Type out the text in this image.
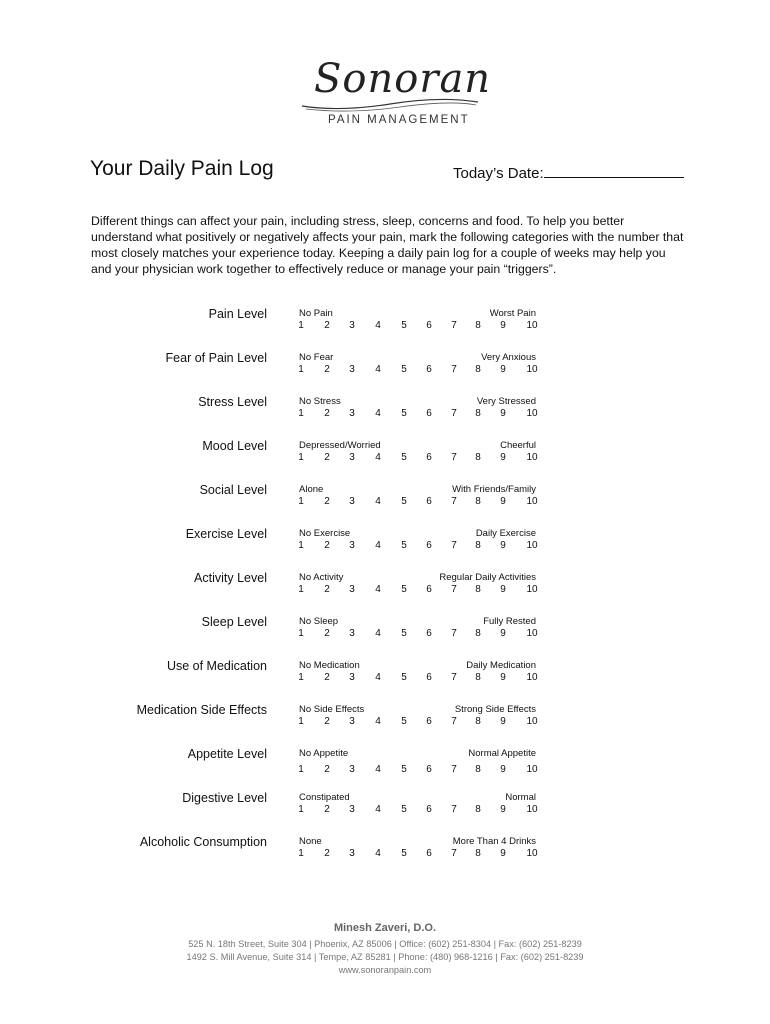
Sonoran
PAIN MANAGEMENT
Your Daily Pain Log	Today’s Date:

Different things can affect your pain, including stress, sleep, concerns and food. To help you better understand what positively or negatively affects your pain, mark the following categories with the number that most closely matches your experience today. Keeping a daily pain log for a couple of weeks may help you and your physician work together to effectively reduce or manage your pain “triggers”.

Pain Level	No Pain	Worst Pain
1	2	3	4	5	6	7	8	9	10
Fear of Pain Level	No Fear	Very Anxious
1	2	3	4	5	6	7	8	9	10
Stress Level	No Stress	Very Stressed
1	2	3	4	5	6	7	8	9	10
Mood Level	Depressed/Worried	Cheerful
1	2	3	4	5	6	7	8	9	10
Social Level	Alone	With Friends/Family
1	2	3	4	5	6	7	8	9	10
Exercise Level	No Exercise	Daily Exercise
1	2	3	4	5	6	7	8	9	10
Activity Level	No Activity	Regular Daily Activities
1	2	3	4	5	6	7	8	9	10
Sleep Level	No Sleep	Fully Rested
1	2	3	4	5	6	7	8	9	10
Use of Medication	No Medication	Daily Medication
1	2	3	4	5	6	7	8	9	10
Medication Side Effects	No Side Effects	Strong Side Effects
1	2	3	4	5	6	7	8	9	10
Appetite Level	No Appetite	Normal Appetite
1	2	3	4	5	6	7	8	9	10
Digestive Level	Constipated	Normal
1	2	3	4	5	6	7	8	9	10
Alcoholic Consumption	None	More Than 4 Drinks
1	2	3	4	5	6	7	8	9	10
Minesh Zaveri, D.O.
525 N. 18th Street, Suite 304 | Phoenix, AZ 85006 | Office: (602) 251-8304 | Fax: (602) 251-8239
1492 S. Mill Avenue, Suite 314 | Tempe, AZ 85281 | Phone: (480) 968-1216 | Fax: (602) 251-8239
www.sonoranpain.com
